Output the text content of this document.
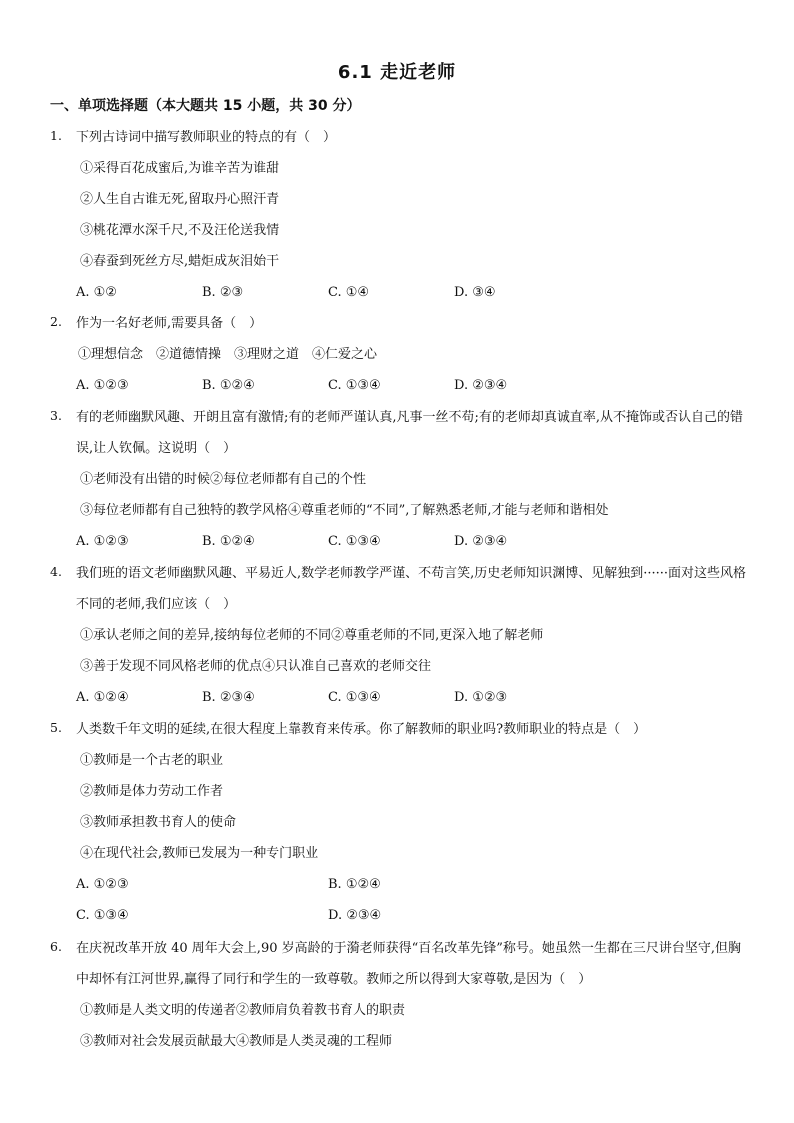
6.1 走近老师
一、单项选择题（本大题共 15 小题，共 30 分）
1.	下列古诗词中描写教师职业的特点的有（　）
①采得百花成蜜后,为谁辛苦为谁甜
②人生自古谁无死,留取丹心照汗青
③桃花潭水深千尺,不及汪伦送我情
④春蚕到死丝方尽,蜡炬成灰泪始干
A. ①②	B. ②③	C. ①④	D. ③④
2.	作为一名好老师,需要具备（　）
①理想信念　②道德情操　③理财之道　④仁爱之心
A. ①②③	B. ①②④	C. ①③④	D. ②③④
3.	有的老师幽默风趣、开朗且富有激情;有的老师严谨认真,凡事一丝不苟;有的老师却真诚直率,从不掩饰或否认自己的错误,让人钦佩。这说明（　）
①老师没有出错的时候②每位老师都有自己的个性
③每位老师都有自己独特的教学风格④尊重老师的“不同”,了解熟悉老师,才能与老师和谐相处
A. ①②③	B. ①②④	C. ①③④	D. ②③④
4.	我们班的语文老师幽默风趣、平易近人,数学老师教学严谨、不苟言笑,历史老师知识渊博、见解独到······面对这些风格不同的老师,我们应该（　）
①承认老师之间的差异,接纳每位老师的不同②尊重老师的不同,更深入地了解老师
③善于发现不同风格老师的优点④只认准自己喜欢的老师交往
A. ①②④	B. ②③④	C. ①③④	D. ①②③
5.	人类数千年文明的延续,在很大程度上靠教育来传承。你了解教师的职业吗?教师职业的特点是（　）
①教师是一个古老的职业
②教师是体力劳动工作者
③教师承担教书育人的使命
④在现代社会,教师已发展为一种专门职业
A. ①②③	B. ①②④
C. ①③④	D. ②③④
6.	在庆祝改革开放 40 周年大会上,90 岁高龄的于漪老师获得“百名改革先锋”称号。她虽然一生都在三尺讲台坚守,但胸中却怀有江河世界,赢得了同行和学生的一致尊敬。教师之所以得到大家尊敬,是因为（　）
①教师是人类文明的传递者②教师肩负着教书育人的职责
③教师对社会发展贡献最大④教师是人类灵魂的工程师
